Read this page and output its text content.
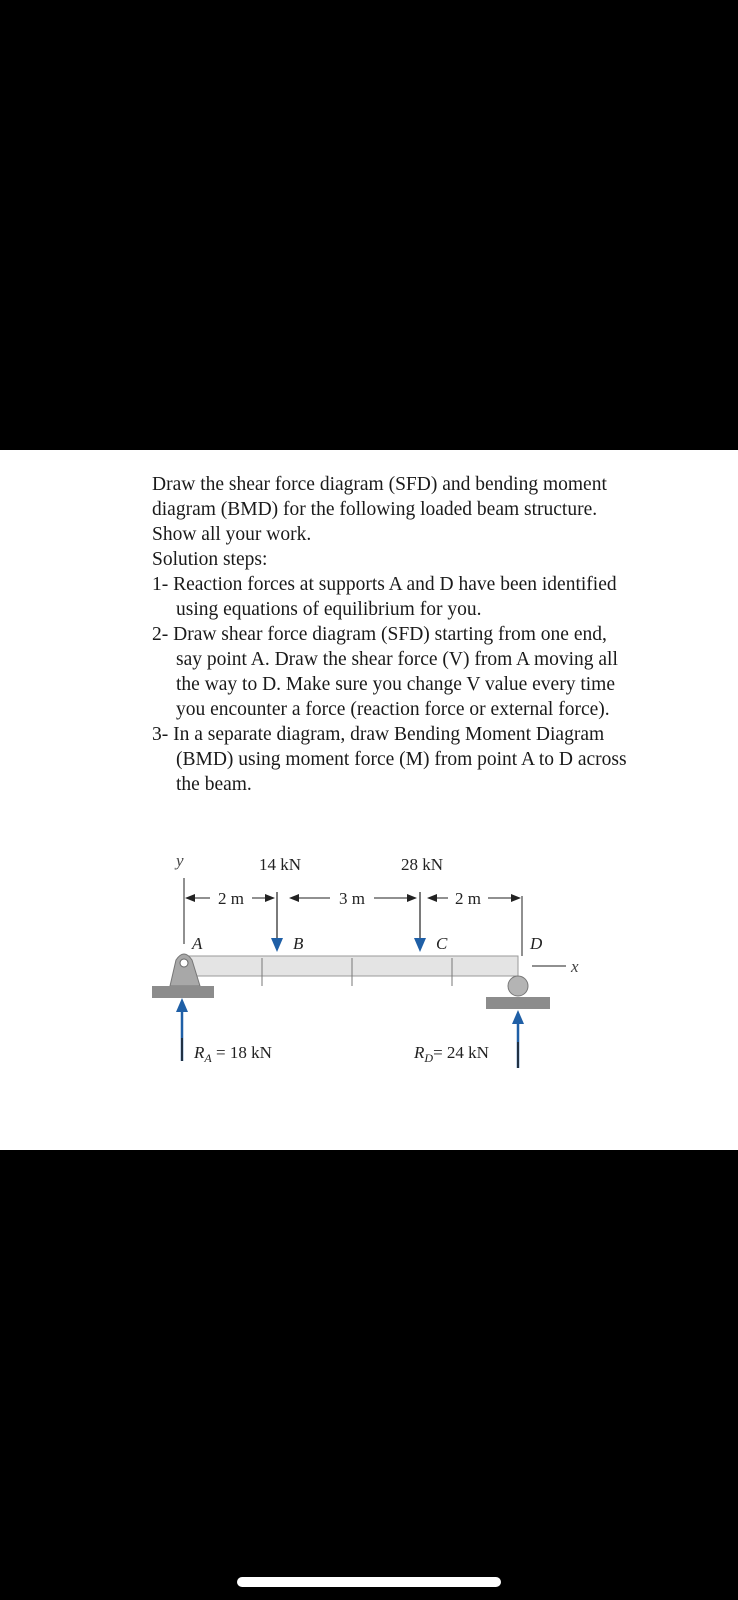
Draw the shear force diagram (SFD) and bending moment diagram (BMD) for the following loaded beam structure. Show all your work.

Solution steps:

1- Reaction forces at supports A and D have been identified using equations of equilibrium for you.

2- Draw shear force diagram (SFD) starting from one end, say point A. Draw the shear force (V) from A moving all the way to D. Make sure you change V value every time you encounter a force (reaction force or external force).

3- In a separate diagram, draw Bending Moment Diagram (BMD) using moment force (M) from point A to D across the beam.

y	14 kN	28 kN
2 m	3 m	2 m
A	B	C	D
x
$R_A = 18$ kN	$R_D= 24$ kN
